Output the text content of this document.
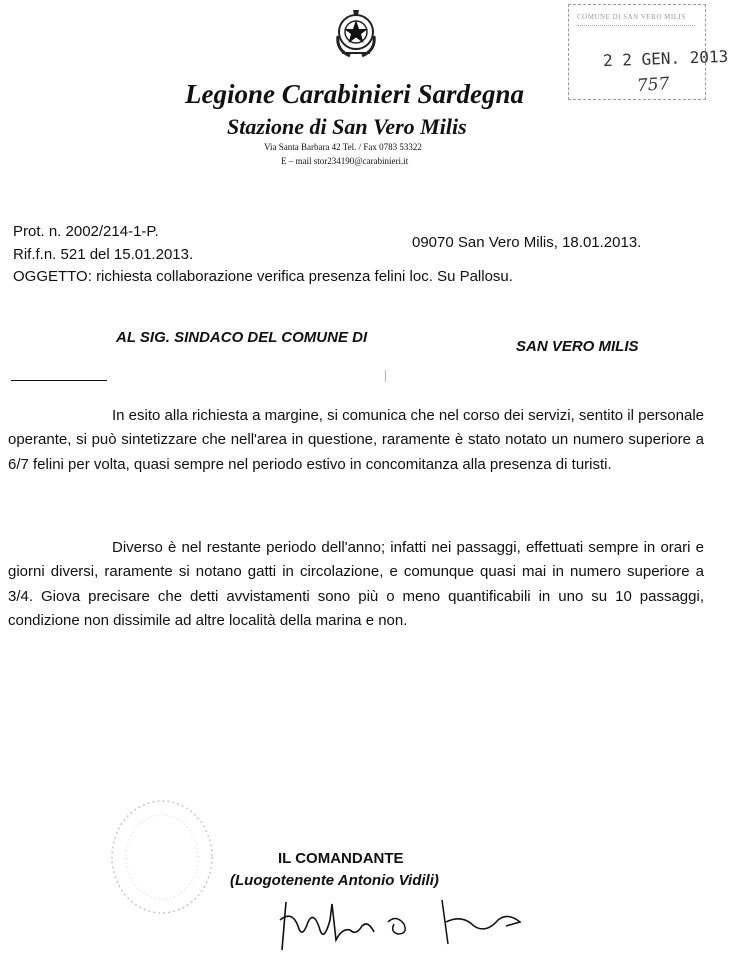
COMUNE DI SAN VERO MILIS
2 2 GEN. 2013
757
Legione Carabinieri Sardegna
Stazione di San Vero Milis
Via Santa Barbara 42 Tel. / Fax 0783 53322
E – mail stor234190@carabinieri.it
Prot. n. 2002/214-1-P.
Rif.f.n. 521 del 15.01.2013.
OGGETTO: richiesta collaborazione verifica presenza felini loc. Su Pallosu.
09070 San Vero Milis, 18.01.2013.
AL SIG. SINDACO DEL COMUNE DI
SAN VERO MILIS
In esito alla richiesta a margine, si comunica che nel corso dei servizi, sentito il personale operante, si può sintetizzare che nell'area in questione, raramente è stato notato un numero superiore a 6/7 felini per volta, quasi sempre nel periodo estivo in concomitanza alla presenza di turisti.
Diverso è nel restante periodo dell'anno; infatti nei passaggi, effettuati sempre in orari e giorni diversi, raramente si notano gatti in circolazione, e comunque quasi mai in numero superiore a 3/4. Giova precisare che detti avvistamenti sono più o meno quantificabili in uno su 10 passaggi, condizione non dissimile ad altre località della marina e non.
IL COMANDANTE
(Luogotenente Antonio Vidili)
